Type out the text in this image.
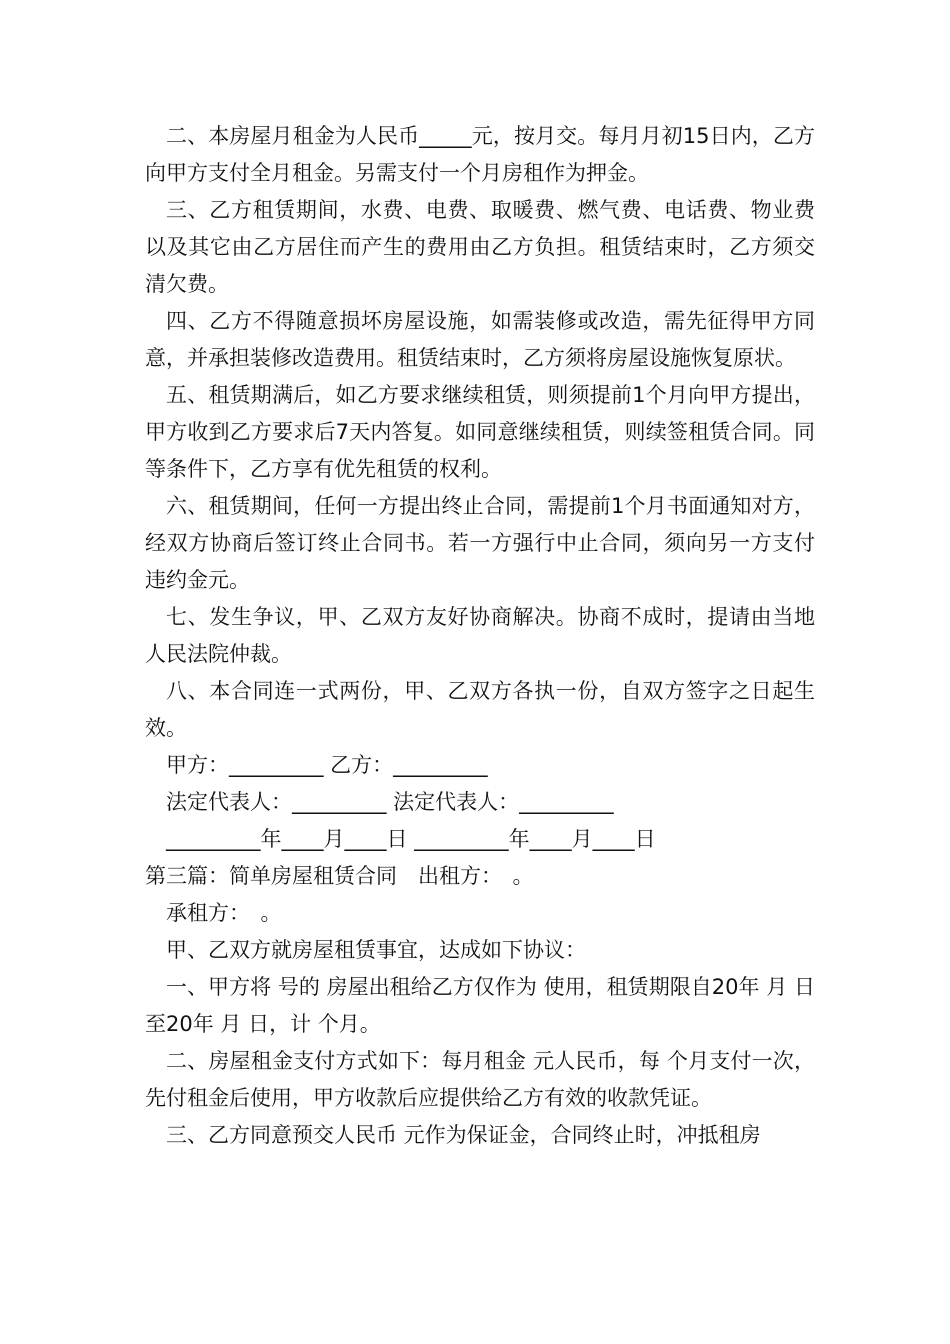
二、本房屋月租金为人民币_____元，按月交。每月月初15日内，乙方向甲方支付全月租金。另需支付一个月房租作为押金。

三、乙方租赁期间，水费、电费、取暖费、燃气费、电话费、物业费以及其它由乙方居住而产生的费用由乙方负担。租赁结束时，乙方须交清欠费。

四、乙方不得随意损坏房屋设施，如需装修或改造，需先征得甲方同意，并承担装修改造费用。租赁结束时，乙方须将房屋设施恢复原状。

五、租赁期满后，如乙方要求继续租赁，则须提前1个月向甲方提出，甲方收到乙方要求后7天内答复。如同意继续租赁，则续签租赁合同。同等条件下，乙方享有优先租赁的权利。

六、租赁期间，任何一方提出终止合同，需提前1个月书面通知对方，经双方协商后签订终止合同书。若一方强行中止合同，须向另一方支付违约金元。

七、发生争议，甲、乙双方友好协商解决。协商不成时，提请由当地人民法院仲裁。

八、本合同连一式两份，甲、乙双方各执一份，自双方签字之日起生效。

甲方：_________ 乙方：_________
法定代表人：_________ 法定代表人：_________
_________年____月____日 _________年____月____日
第三篇：简单房屋租赁合同　出租方：　。
承租方：　。
甲、乙双方就房屋租赁事宜，达成如下协议：

一、甲方将 号的 房屋出租给乙方仅作为 使用，租赁期限自20年 月 日至20年 月 日，计 个月。

二、房屋租金支付方式如下：每月租金 元人民币，每 个月支付一次，先付租金后使用，甲方收款后应提供给乙方有效的收款凭证。

三、乙方同意预交人民币 元作为保证金，合同终止时，冲抵租房
